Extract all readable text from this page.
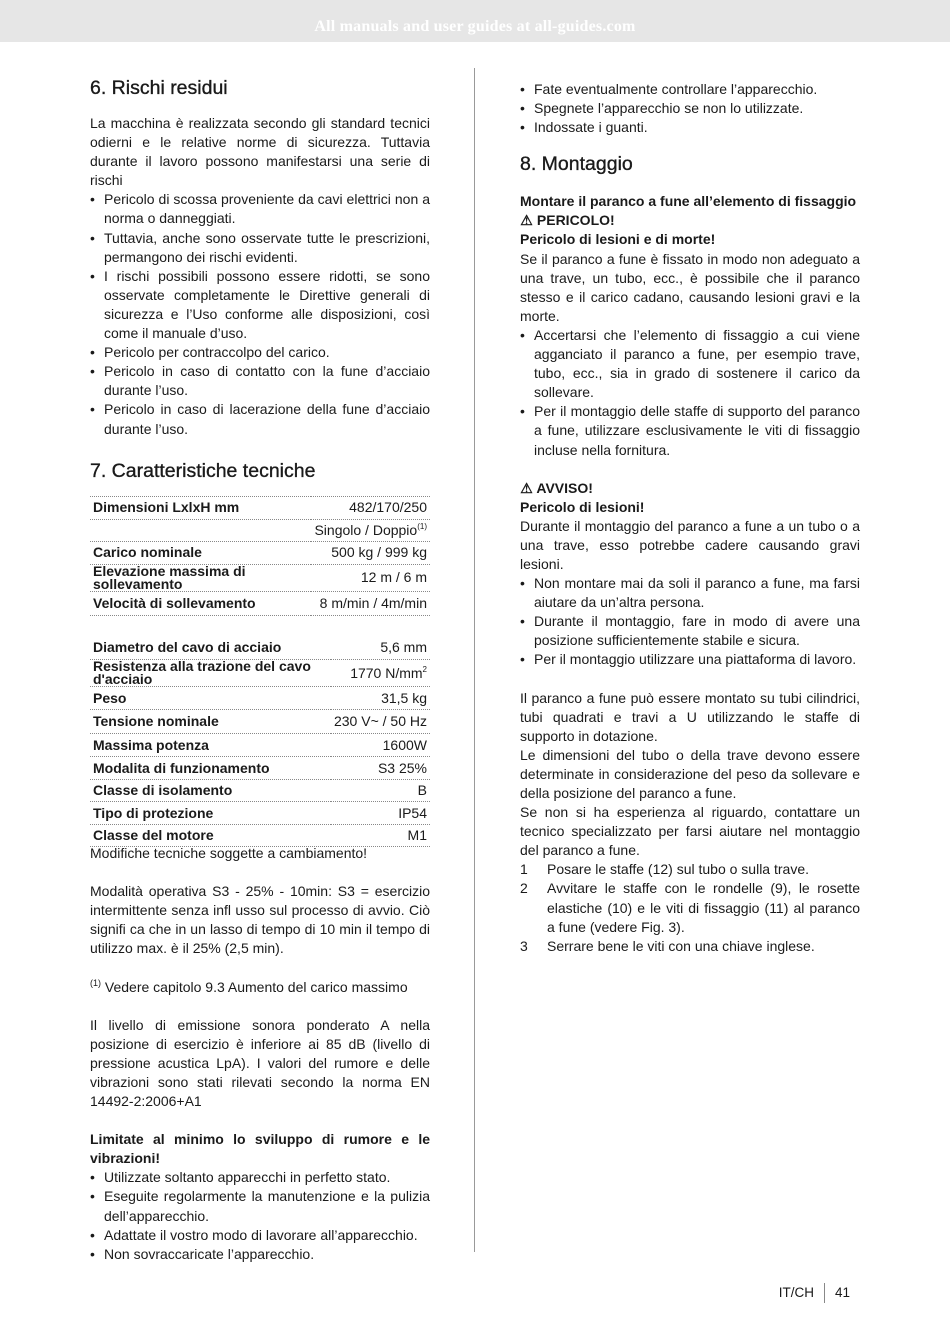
All manuals and user guides at all-guides.com
6. Rischi residui

La macchina è realizzata secondo gli standard tecnici odierni e le relative norme di sicurezza. Tuttavia durante il lavoro possono manifestarsi una serie di rischi

• Pericolo di scossa proveniente da cavi elettrici non a norma o danneggiati.
• Tuttavia, anche sono osservate tutte le prescrizioni, permangono dei rischi evidenti.
• I rischi possibili possono essere ridotti, se sono osservate completamente le Direttive generali di sicurezza e l’Uso conforme alle disposizioni, così come il manuale d’uso.
• Pericolo per contraccolpo del carico.
• Pericolo in caso di contatto con la fune d’acciaio durante l’uso.
• Pericolo in caso di lacerazione della fune d’acciaio durante l’uso.
7. Caratteristiche tecniche
Dimensioni LxlxH mm	482/170/250
	Singolo / Doppio$^{(1)}$
Carico nominale	500 kg / 999 kg
Elevazione massima di sollevamento	12 m / 6 m
Velocità di sollevamento	8 m/min / 4m/min
Diametro del cavo di acciaio	5,6 mm
Resistenza alla trazione del cavo d'acciaio	1770 $N/mm^2$
Peso	31,5 kg
Tensione nominale	230 V~ / 50 Hz
Massima potenza	1600W
Modalita di funzionamento	S3 25%
Classe di isolamento	B
Tipo di protezione	IP54
Classe del motore	M1

Modifiche tecniche soggette a cambiamento!

Modalità operativa S3 - 25% - 10min: S3 = esercizio intermittente senza infl usso sul processo di avvio. Ciò signifi ca che in un lasso di tempo di 10 min il tempo di utilizzo max. è il 25% (2,5 min).

$^{(1)}$ Vedere capitolo 9.3 Aumento del carico massimo

Il livello di emissione sonora ponderato A nella posizione di esercizio è inferiore ai 85 dB (livello di pressione acustica LpA). I valori del rumore e delle vibrazioni sono stati rilevati secondo la norma EN 14492-2:2006+A1

Limitate al minimo lo sviluppo di rumore e le vibrazioni!

• Utilizzate soltanto apparecchi in perfetto stato.
• Eseguite regolarmente la manutenzione e la pulizia dell’apparecchio.
• Adattate il vostro modo di lavorare all’apparecchio.
• Non sovraccaricate l’apparecchio.
• Fate eventualmente controllare l’apparecchio.
• Spegnete l’apparecchio se non lo utilizzate.
• Indossate i guanti.
8. Montaggio

Montare il paranco a fune all’elemento di fissaggio

⚠ PERICOLO!

Pericolo di lesioni e di morte!

Se il paranco a fune è fissato in modo non adeguato a una trave, un tubo, ecc., è possibile che il paranco stesso e il carico cadano, causando lesioni gravi e la morte.

• Accertarsi che l’elemento di fissaggio a cui viene agganciato il paranco a fune, per esempio trave, tubo, ecc., sia in grado di sostenere il carico da sollevare.
• Per il montaggio delle staffe di supporto del paranco a fune, utilizzare esclusivamente le viti di fissaggio incluse nella fornitura.

⚠ AVVISO!

Pericolo di lesioni!

Durante il montaggio del paranco a fune a un tubo o a una trave, esso potrebbe cadere causando gravi lesioni.

• Non montare mai da soli il paranco a fune, ma farsi aiutare da un’altra persona.
• Durante il montaggio, fare in modo di avere una posizione sufficientemente stabile e sicura.
• Per il montaggio utilizzare una piattaforma di lavoro.

Il paranco a fune può essere montato su tubi cilindrici, tubi quadrati e travi a U utilizzando le staffe di supporto in dotazione.

Le dimensioni del tubo o della trave devono essere determinate in considerazione del peso da sollevare e della posizione del paranco a fune.

Se non si ha esperienza al riguardo, contattare un tecnico specializzato per farsi aiutare nel montaggio del paranco a fune.

1 Posare le staffe (12) sul tubo o sulla trave.
2 Avvitare le staffe con le rondelle (9), le rosette elastiche (10) e le viti di fissaggio (11) al paranco a fune (vedere Fig. 3).
3 Serrare bene le viti con una chiave inglese.
IT/CH 41
